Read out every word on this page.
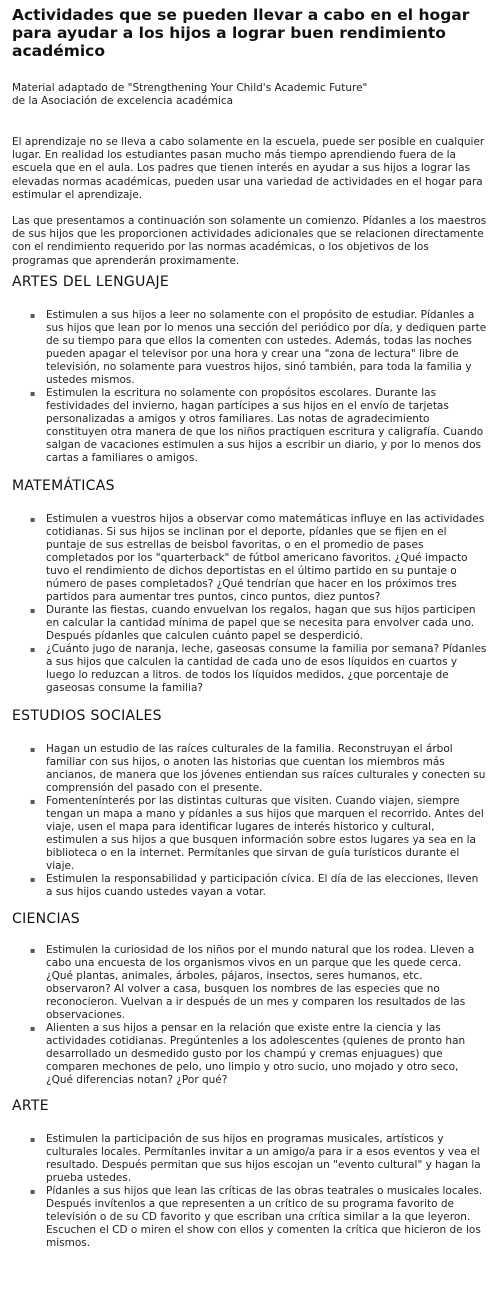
Actividades que se pueden llevar a cabo en el hogar para ayudar a los hijos a lograr buen rendimiento académico
Material adaptado de "Strengthening Your Child's Academic Future"
de la Asociación de excelencia académica

El aprendizaje no se lleva a cabo solamente en la escuela, puede ser posible en cualquier lugar. En realidad los estudiantes pasan mucho más tiempo aprendiendo fuera de la escuela que en el aula. Los padres que tienen interés en ayudar a sus hijos a lograr las elevadas normas académicas, pueden usar una variedad de actividades en el hogar para estimular el aprendizaje.

Las que presentamos a continuación son solamente un comienzo. Pídanles a los maestros de sus hijos que les proporcionen actividades adicionales que se relacionen directamente con el rendimiento requerido por las normas académicas, o los objetivos de los programas que aprenderán proximamente.

ARTES DEL LENGUAJE
▪ Estimulen a sus hijos a leer no solamente con el propósito de estudiar. Pídanles a sus hijos que lean por lo menos una sección del periódico por día, y dediquen parte de su tiempo para que ellos la comenten con ustedes. Además, todas las noches pueden apagar el televisor por una hora y crear una "zona de lectura" libre de televisión, no solamente para vuestros hijos, sinó también, para toda la familia y ustedes mismos.
▪ Estimulen la escritura no solamente con propósitos escolares. Durante las festividades del invierno, hagan partícipes a sus hijos en el envío de tarjetas personalizadas a amigos y otros familiares. Las notas de agradecimiento constituyen otra manera de que los niños practiquen escritura y caligrafía. Cuando salgan de vacaciones estimulen a sus hijos a escribir un diario, y por lo menos dos cartas a familiares o amigos.
MATEMÁTICAS
▪ Estimulen a vuestros hijos a observar como matemáticas influye en las actividades cotidianas. Si sus hijos se inclinan por el deporte, pídanles que se fijen en el puntaje de sus estrellas de beisbol favoritas, o en el promedio de pases completados por los "quarterback" de fútbol americano favoritos. ¿Qué impacto tuvo el rendimiento de dichos deportistas en el último partido en su puntaje o número de pases completados? ¿Qué tendrían que hacer en los próximos tres partidos para aumentar tres puntos, cinco puntos, diez puntos?
▪ Durante las fiestas, cuando envuelvan los regalos, hagan que sus hijos participen en calcular la cantidad mínima de papel que se necesita para envolver cada uno. Después pídanles que calculen cuánto papel se desperdició.
▪ ¿Cuánto jugo de naranja, leche, gaseosas consume la familia por semana? Pídanles a sus hijos que calculen la cantidad de cada uno de esos líquidos en cuartos y luego lo reduzcan a litros. de todos los líquidos medidos, ¿que porcentaje de gaseosas consume la familia?
ESTUDIOS SOCIALES
▪ Hagan un estudio de las raíces culturales de la familia. Reconstruyan el árbol familiar con sus hijos, o anoten las historias que cuentan los miembros más ancianos, de manera que los jóvenes entiendan sus raíces culturales y conecten su comprensión del pasado con el presente.
▪ Fomentenínterés por las distintas culturas que visiten. Cuando viajen, siempre tengan un mapa a mano y pídanles a sus hijos que marquen el recorrido. Antes del viaje, usen el mapa para identificar lugares de interés historico y cultural, estimulen a sus hijos a que busquen información sobre estos lugares ya sea en la biblioteca o en la internet. Permítanles que sirvan de guía turísticos durante el viaje.
▪ Estimulen la responsabilidad y participación cívica. El día de las elecciones, lleven a sus hijos cuando ustedes vayan a votar.
CIENCIAS
▪ Estimulen la curiosidad de los niños por el mundo natural que los rodea. Lleven a cabo una encuesta de los organismos vivos en un parque que les quede cerca. ¿Qué plantas, animales, árboles, pájaros, insectos, seres humanos, etc. observaron? Al volver a casa, busquen los nombres de las especies que no reconocieron. Vuelvan a ir después de un mes y comparen los resultados de las observaciones.
▪ Alienten a sus hijos a pensar en la relación que existe entre la ciencia y las actividades cotidianas. Pregúntenles a los adolescentes (quienes de pronto han desarrollado un desmedido gusto por los champú y cremas enjuagues) que comparen mechones de pelo, uno limpio y otro sucio, uno mojado y otro seco, ¿Qué diferencias notan? ¿Por qué?
ARTE
▪ Estimulen la participación de sus hijos en programas musicales, artísticos y culturales locales. Permítanles invitar a un amigo/a para ir a esos eventos y vea el resultado. Después permitan que sus hijos escojan un "evento cultural" y hagan la prueba ustedes.
▪ Pídanles a sus hijos que lean las críticas de las obras teatrales o musicales locales. Después invítenlos a que representen a un crítico de su programa favorito de televisión o de su CD favorito y que escriban una crítica similar a la que leyeron. Escuchen el CD o miren el show con ellos y comenten la crítica que hicieron de los mismos.
